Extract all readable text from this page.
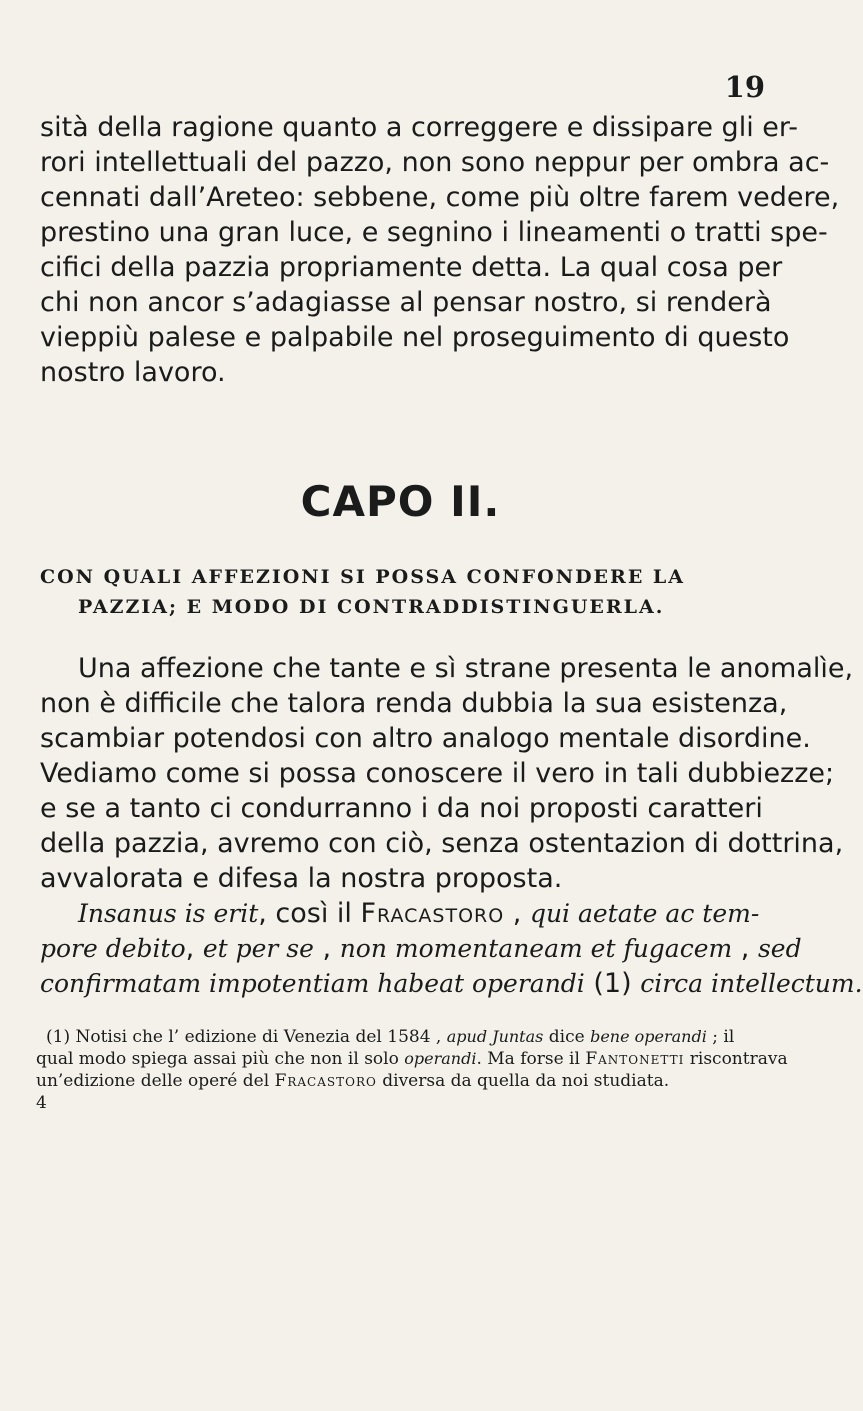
19
sità della ragione quanto a correggere e dissipare gli er-
rori intellettuali del pazzo, non sono neppur per ombra ac-
cennati dall’Areteo: sebbene, come più oltre farem vedere,
prestino una gran luce, e segnino i lineamenti o tratti spe-
cifici della pazzia propriamente detta. La qual cosa per
chi non ancor s’adagiasse al pensar nostro, si renderà
vieppiù palese e palpabile nel proseguimento di questo
nostro lavoro.
CAPO II.
CON QUALI AFFEZIONI SI POSSA CONFONDERE LA
PAZZIA; E MODO DI CONTRADDISTINGUERLA.
Una affezione che tante e sì strane presenta le anomalìe,
non è difficile che talora renda dubbia la sua esistenza,
scambiar potendosi con altro analogo mentale disordine.
Vediamo come si possa conoscere il vero in tali dubbiezze;
e se a tanto ci condurranno i da noi proposti caratteri
della pazzia, avremo con ciò, senza ostentazion di dottrina,
avvalorata e difesa la nostra proposta.
Insanus is erit, così il Fracastoro , qui aetate ac tem-
pore debito, et per se , non momentaneam et fugacem , sed
confirmatam impotentiam habeat operandi (1) circa intellectum.
(1) Notisi che l’ edizione di Venezia del 1584 , apud Juntas dice bene operandi ; il
qual modo spiega assai più che non il solo operandi. Ma forse il Fantonetti riscontrava
un’edizione delle operé del Fracastoro diversa da quella da noi studiata.
4
